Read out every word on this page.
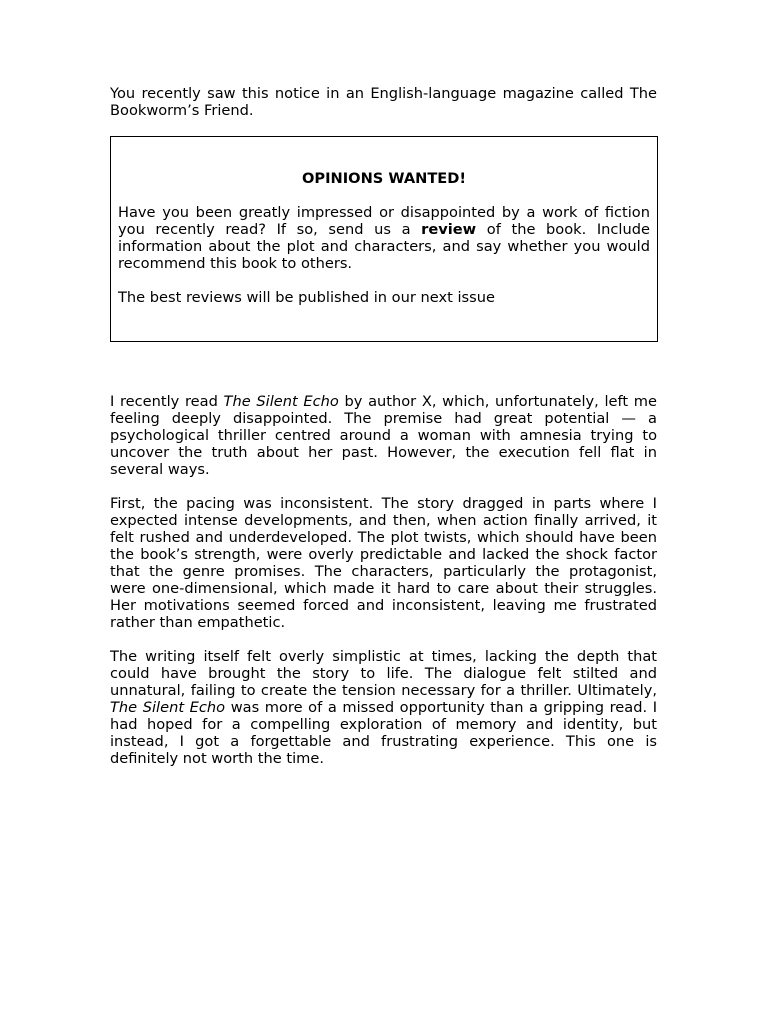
You recently saw this notice in an English-language magazine called The Bookworm’s Friend.

OPINIONS WANTED!

Have you been greatly impressed or disappointed by a work of fiction you recently read? If so, send us a review of the book. Include information about the plot and characters, and say whether you would recommend this book to others.

The best reviews will be published in our next issue

I recently read The Silent Echo by author X, which, unfortunately, left me feeling deeply disappointed. The premise had great potential — a psychological thriller centred around a woman with amnesia trying to uncover the truth about her past. However, the execution fell flat in several ways.

First, the pacing was inconsistent. The story dragged in parts where I expected intense developments, and then, when action finally arrived, it felt rushed and underdeveloped. The plot twists, which should have been the book’s strength, were overly predictable and lacked the shock factor that the genre promises. The characters, particularly the protagonist, were one-dimensional, which made it hard to care about their struggles. Her motivations seemed forced and inconsistent, leaving me frustrated rather than empathetic.

The writing itself felt overly simplistic at times, lacking the depth that could have brought the story to life. The dialogue felt stilted and unnatural, failing to create the tension necessary for a thriller. Ultimately, The Silent Echo was more of a missed opportunity than a gripping read. I had hoped for a compelling exploration of memory and identity, but instead, I got a forgettable and frustrating experience. This one is definitely not worth the time.
